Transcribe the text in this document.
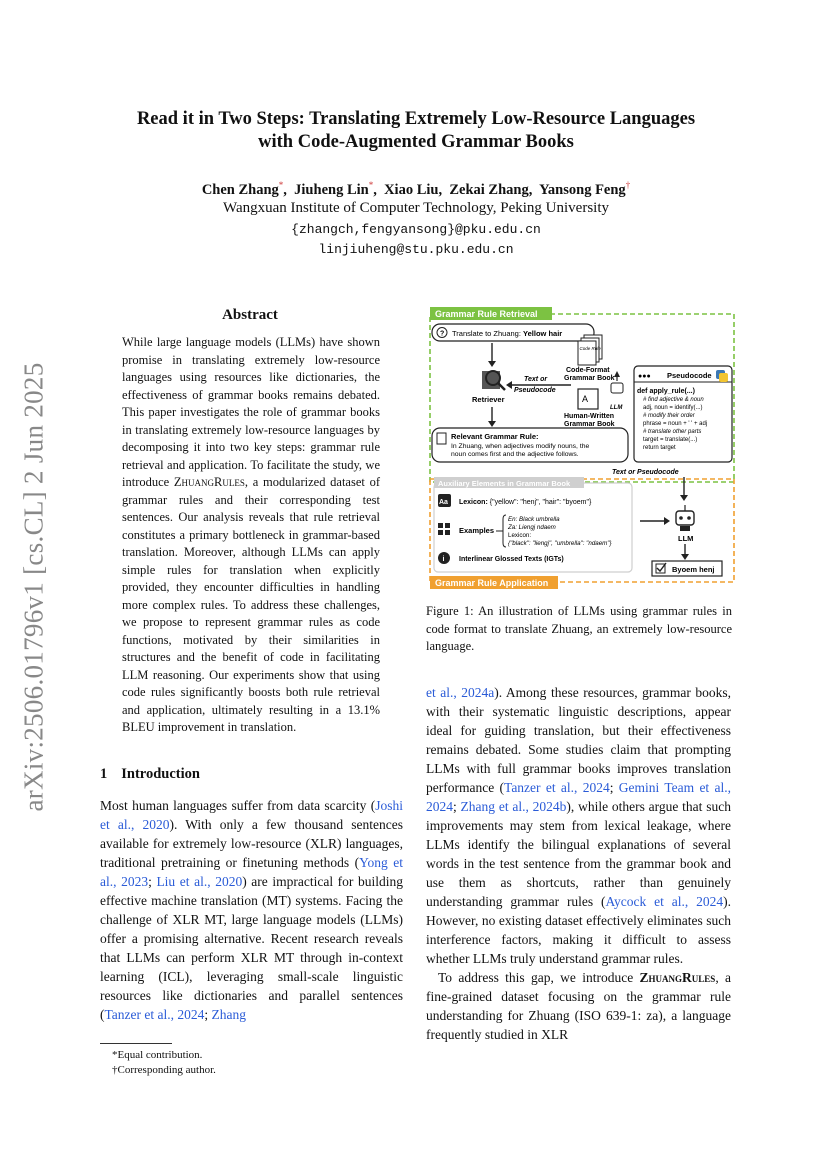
arXiv:2506.01796v1 [cs.CL] 2 Jun 2025
Read it in Two Steps: Translating Extremely Low-Resource Languages
with Code-Augmented Grammar Books
Chen Zhang*,  Jiuheng Lin*,  Xiao Liu,  Zekai Zhang,  Yansong Feng†
Wangxuan Institute of Computer Technology, Peking University
{zhangch,fengyansong}@pku.edu.cn
linjiuheng@stu.pku.edu.cn
Abstract
While large language models (LLMs) have shown promise in translating extremely low-resource languages using resources like dictionaries, the effectiveness of grammar books remains debated. This paper investigates the role of grammar books in translating extremely low-resource languages by decomposing it into two key steps: grammar rule retrieval and application. To facilitate the study, we introduce ZhuangRules, a modularized dataset of grammar rules and their corresponding test sentences. Our analysis reveals that rule retrieval constitutes a primary bottleneck in grammar-based translation. Moreover, although LLMs can apply simple rules for translation when explicitly provided, they encounter difficulties in handling more complex rules. To address these challenges, we propose to represent grammar rules as code functions, motivated by their similarities in structures and the benefit of code in facilitating LLM reasoning. Our experiments show that using code rules significantly boosts both rule retrieval and application, ultimately resulting in a 13.1% BLEU improvement in translation.
1 Introduction
Most human languages suffer from data scarcity (Joshi et al., 2020). With only a few thousand sentences available for extremely low-resource (XLR) languages, traditional pretraining or finetuning methods (Yong et al., 2023; Liu et al., 2020) are impractical for building effective machine translation (MT) systems. Facing the challenge of XLR MT, large language models (LLMs) offer a promising alternative. Recent research reveals that LLMs can perform XLR MT through in-context learning (ICL), leveraging small-scale linguistic resources like dictionaries and parallel sentences (Tanzer et al., 2024; Zhang
*Equal contribution.
†Corresponding author.

et al., 2024a). Among these resources, grammar books, with their systematic linguistic descriptions, appear ideal for guiding translation, but their effectiveness remains debated. Some studies claim that prompting LLMs with full grammar books improves translation performance (Tanzer et al., 2024; Gemini Team et al., 2024; Zhang et al., 2024b), while others argue that such improvements may stem from lexical leakage, where LLMs identify the bilingual explanations of several words in the test sentence from the grammar book and use them as shortcuts, rather than genuinely understanding grammar rules (Aycock et al., 2024). However, no existing dataset effectively eliminates such interference factors, making it difficult to assess whether LLMs truly understand grammar rules.

To address this gap, we introduce ZhuangRules, a fine-grained dataset focusing on the grammar rule understanding for Zhuang (ISO 639-1: za), a language frequently studied in XLR

Grammar Rule Retrieval
? Translate to Zhuang: Yellow hair
Retriever
Text or
Pseudocode
Code Rule
Code-Format
Grammar Book
A
Human-Written
Grammar Book
LLM
●●● Pseudocode
def apply_rule(...)
# find adjective & noun
adj, noun = identify(...)
# modify their order
phrase = noun + ' ' + adj
# translate other parts
target = translate(...)
return target
Relevant Grammar Rule:
In Zhuang, when adjectives modify nouns, the
noun comes first and the adjective follows.
Text or Pseudocode
Grammar Rule Application
Auxiliary Elements in Grammar Book
Aa Lexicon: {"yellow": "henj", "hair": "byoem"}
Examples
En: Black umbrella
Za: Liengj ndaem
Lexicon:
{"black": "liengj", "umbrella": "ndaem"}
i Interlinear Glossed Texts (IGTs)
LLM
Byoem henj
Figure 1: An illustration of LLMs using grammar rules in code format to translate Zhuang, an extremely low-resource language.
